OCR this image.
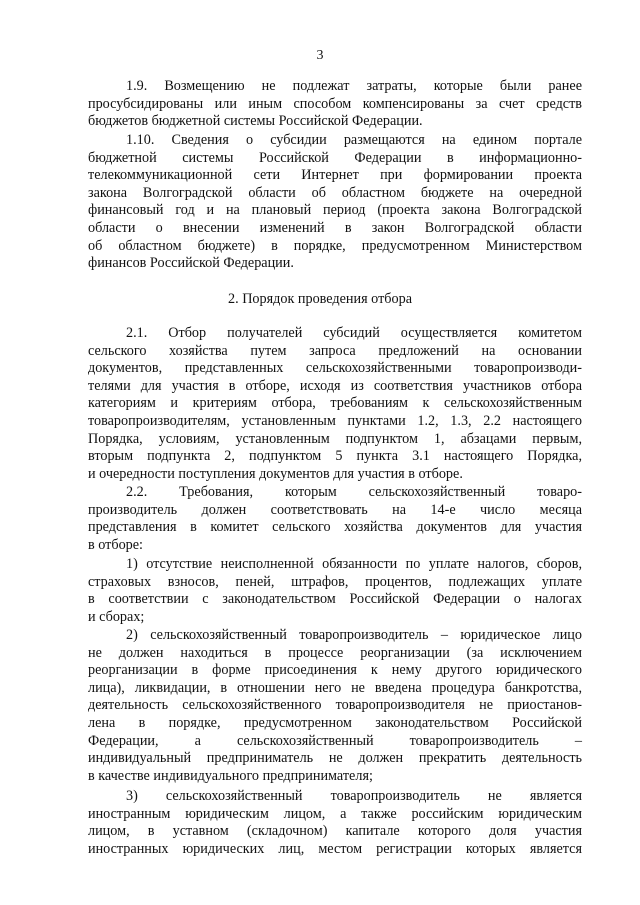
3
1.9. Возмещению не подлежат затраты, которые были ранее
просубсидированы или иным способом компенсированы за счет средств
бюджетов бюджетной системы Российской Федерации.
1.10. Сведения о субсидии размещаются на едином портале
бюджетной системы Российской Федерации в информационно-
телекоммуникационной сети Интернет при формировании проекта
закона Волгоградской области об областном бюджете на очередной
финансовый год и на плановый период (проекта закона Волгоградской
области о внесении изменений в закон Волгоградской области
об областном бюджете) в порядке, предусмотренном Министерством
финансов Российской Федерации.
2. Порядок проведения отбора
2.1. Отбор получателей субсидий осуществляется комитетом
сельского хозяйства путем запроса предложений на основании
документов, представленных сельскохозяйственными товаропроизводи-
телями для участия в отборе, исходя из соответствия участников отбора
категориям и критериям отбора, требованиям к сельскохозяйственным
товаропроизводителям, установленным пунктами 1.2, 1.3, 2.2 настоящего
Порядка, условиям, установленным подпунктом 1, абзацами первым,
вторым подпункта 2, подпунктом 5 пункта 3.1 настоящего Порядка,
и очередности поступления документов для участия в отборе.
2.2. Требования, которым сельскохозяйственный товаро-
производитель должен соответствовать на 14-е число месяца
представления в комитет сельского хозяйства документов для участия
в отборе:
1) отсутствие неисполненной обязанности по уплате налогов, сборов,
страховых взносов, пеней, штрафов, процентов, подлежащих уплате
в соответствии с законодательством Российской Федерации о налогах
и сборах;
2) сельскохозяйственный товаропроизводитель – юридическое лицо
не должен находиться в процессе реорганизации (за исключением
реорганизации в форме присоединения к нему другого юридического
лица), ликвидации, в отношении него не введена процедура банкротства,
деятельность сельскохозяйственного товаропроизводителя не приостанов-
лена в порядке, предусмотренном законодательством Российской
Федерации, а сельскохозяйственный товаропроизводитель –
индивидуальный предприниматель не должен прекратить деятельность
в качестве индивидуального предпринимателя;
3) сельскохозяйственный товаропроизводитель не является
иностранным юридическим лицом, а также российским юридическим
лицом, в уставном (складочном) капитале которого доля участия
иностранных юридических лиц, местом регистрации которых является
